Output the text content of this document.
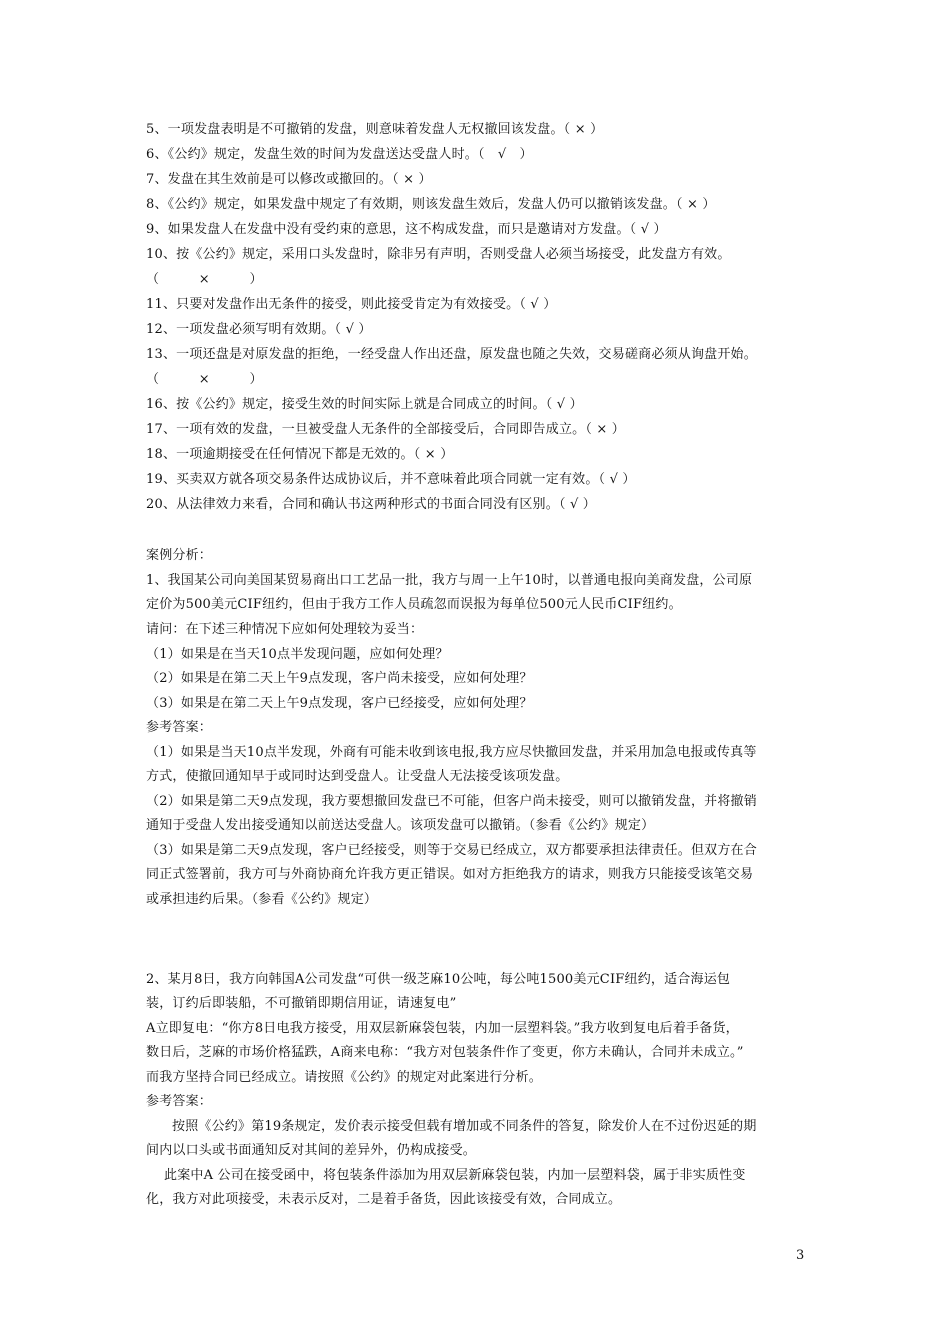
5、一项发盘表明是不可撤销的发盘，则意味着发盘人无权撤回该发盘。（ × ）
6、《公约》规定，发盘生效的时间为发盘送达受盘人时。（　√　）
7、发盘在其生效前是可以修改或撤回的。（ × ）
8、《公约》规定，如果发盘中规定了有效期，则该发盘生效后，发盘人仍可以撤销该发盘。（ × ）
9、如果发盘人在发盘中没有受约束的意思，这不构成发盘，而只是邀请对方发盘。（ √ ）
10、按《公约》规定，采用口头发盘时，除非另有声明，否则受盘人必须当场接受，此发盘方有效。
（　　　×　　　）
11、只要对发盘作出无条件的接受，则此接受肯定为有效接受。（ √ ）
12、一项发盘必须写明有效期。（ √ ）
13、一项还盘是对原发盘的拒绝，一经受盘人作出还盘，原发盘也随之失效，交易磋商必须从询盘开始。
（　　　×　　　）
16、按《公约》规定，接受生效的时间实际上就是合同成立的时间。（ √ ）
17、一项有效的发盘，一旦被受盘人无条件的全部接受后，合同即告成立。（ × ）
18、一项逾期接受在任何情况下都是无效的。（ × ）
19、买卖双方就各项交易条件达成协议后，并不意味着此项合同就一定有效。（ √ ）
20、从法律效力来看，合同和确认书这两种形式的书面合同没有区别。（ √ ）
案例分析：
1、我国某公司向美国某贸易商出口工艺品一批，我方与周一上午10时，以普通电报向美商发盘，公司原
定价为500美元CIF纽约，但由于我方工作人员疏忽而误报为每单位500元人民币CIF纽约。
请问：在下述三种情况下应如何处理较为妥当：
（1）如果是在当天10点半发现问题，应如何处理？
（2）如果是在第二天上午9点发现，客户尚未接受，应如何处理？
（3）如果是在第二天上午9点发现，客户已经接受，应如何处理？
参考答案：
（1）如果是当天10点半发现，外商有可能未收到该电报,我方应尽快撤回发盘，并采用加急电报或传真等
方式，使撤回通知早于或同时达到受盘人。让受盘人无法接受该项发盘。
（2）如果是第二天9点发现，我方要想撤回发盘已不可能，但客户尚未接受，则可以撤销发盘，并将撤销
通知于受盘人发出接受通知以前送达受盘人。该项发盘可以撤销。（参看《公约》规定）
（3）如果是第二天9点发现，客户已经接受，则等于交易已经成立，双方都要承担法律责任。但双方在合
同正式签署前，我方可与外商协商允许我方更正错误。如对方拒绝我方的请求，则我方只能接受该笔交易
或承担违约后果。（参看《公约》规定）
2、某月8日，我方向韩国A公司发盘“可供一级芝麻10公吨，每公吨1500美元CIF纽约，适合海运包
装，订约后即装船，不可撤销即期信用证，请速复电”
A立即复电：“你方8日电我方接受，用双层新麻袋包装，内加一层塑料袋。”我方收到复电后着手备货，
数日后，芝麻的市场价格猛跌，A商来电称：“我方对包装条件作了变更，你方未确认，合同并未成立。”
而我方坚持合同已经成立。请按照《公约》的规定对此案进行分析。
参考答案：
按照《公约》第19条规定，发价表示接受但载有增加或不同条件的答复，除发价人在不过份迟延的期
间内以口头或书面通知反对其间的差异外，仍构成接受。
此案中A 公司在接受函中，将包装条件添加为用双层新麻袋包装，内加一层塑料袋，属于非实质性变
化，我方对此项接受，未表示反对，二是着手备货，因此该接受有效，合同成立。
3
